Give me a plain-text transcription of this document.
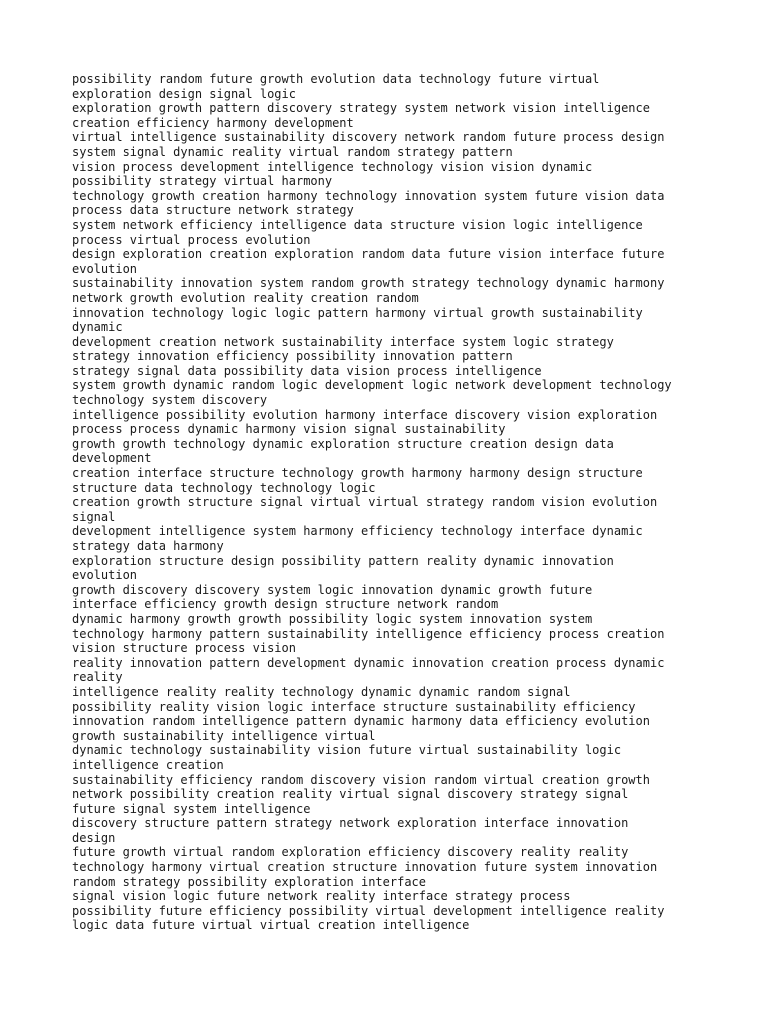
possibility random future growth evolution data technology future virtual

exploration design signal logic

exploration growth pattern discovery strategy system network vision intelligence

creation efficiency harmony development

virtual intelligence sustainability discovery network random future process design

system signal dynamic reality virtual random strategy pattern

vision process development intelligence technology vision vision dynamic

possibility strategy virtual harmony

technology growth creation harmony technology innovation system future vision data

process data structure network strategy

system network efficiency intelligence data structure vision logic intelligence

process virtual process evolution

design exploration creation exploration random data future vision interface future

evolution

sustainability innovation system random growth strategy technology dynamic harmony

network growth evolution reality creation random

innovation technology logic logic pattern harmony virtual growth sustainability

dynamic

development creation network sustainability interface system logic strategy

strategy innovation efficiency possibility innovation pattern

strategy signal data possibility data vision process intelligence

system growth dynamic random logic development logic network development technology

technology system discovery

intelligence possibility evolution harmony interface discovery vision exploration

process process dynamic harmony vision signal sustainability

growth growth technology dynamic exploration structure creation design data

development

creation interface structure technology growth harmony harmony design structure

structure data technology technology logic

creation growth structure signal virtual virtual strategy random vision evolution

signal

development intelligence system harmony efficiency technology interface dynamic

strategy data harmony

exploration structure design possibility pattern reality dynamic innovation

evolution

growth discovery discovery system logic innovation dynamic growth future

interface efficiency growth design structure network random

dynamic harmony growth growth possibility logic system innovation system

technology harmony pattern sustainability intelligence efficiency process creation

vision structure process vision

reality innovation pattern development dynamic innovation creation process dynamic

reality

intelligence reality reality technology dynamic dynamic random signal

possibility reality vision logic interface structure sustainability efficiency

innovation random intelligence pattern dynamic harmony data efficiency evolution

growth sustainability intelligence virtual

dynamic technology sustainability vision future virtual sustainability logic

intelligence creation

sustainability efficiency random discovery vision random virtual creation growth

network possibility creation reality virtual signal discovery strategy signal

future signal system intelligence

discovery structure pattern strategy network exploration interface innovation

design

future growth virtual random exploration efficiency discovery reality reality

technology harmony virtual creation structure innovation future system innovation

random strategy possibility exploration interface

signal vision logic future network reality interface strategy process

possibility future efficiency possibility virtual development intelligence reality

logic data future virtual virtual creation intelligence
